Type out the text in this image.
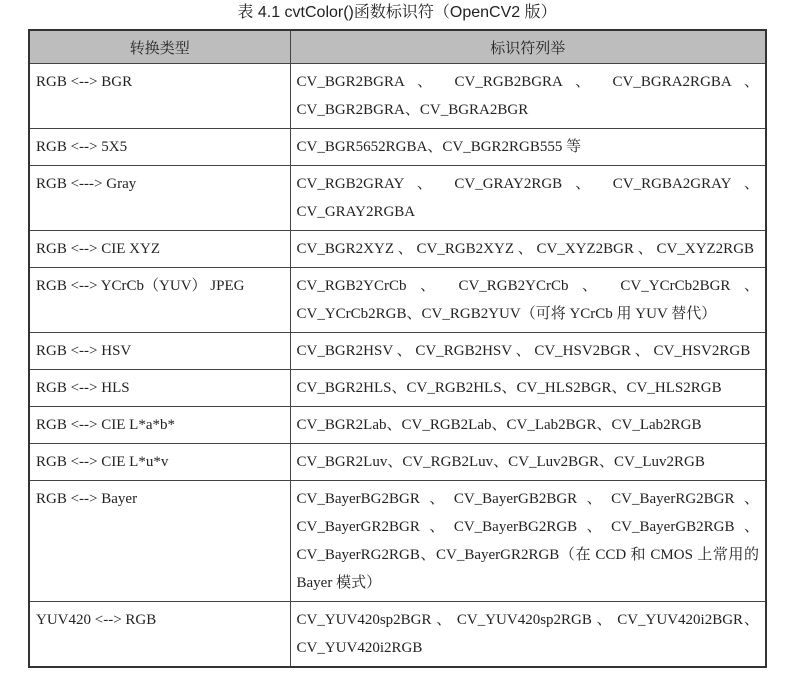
表 4.1 cvtColor()函数标识符（OpenCV2 版）
转换类型	标识符列举
RGB <--> BGR	CV_BGR2BGRA 、 CV_RGB2BGRA 、 CV_BGRA2RGBA 、 CV_BGR2BGRA、CV_BGRA2BGR
RGB <--> 5X5	CV_BGR5652RGBA、CV_BGR2RGB555 等
RGB <---> Gray	CV_RGB2GRAY 、 CV_GRAY2RGB 、 CV_RGBA2GRAY 、 CV_GRAY2RGBA
RGB <--> CIE XYZ	CV_BGR2XYZ 、 CV_RGB2XYZ 、 CV_XYZ2BGR 、 CV_XYZ2RGB
RGB <--> YCrCb（YUV） JPEG	CV_RGB2YCrCb 、 CV_RGB2YCrCb 、 CV_YCrCb2BGR 、 CV_YCrCb2RGB、CV_RGB2YUV（可将 YCrCb 用 YUV 替代）
RGB <--> HSV	CV_BGR2HSV 、 CV_RGB2HSV 、 CV_HSV2BGR 、 CV_HSV2RGB
RGB <--> HLS	CV_BGR2HLS、CV_RGB2HLS、CV_HLS2BGR、CV_HLS2RGB
RGB <--> CIE L*a*b*	CV_BGR2Lab、CV_RGB2Lab、CV_Lab2BGR、CV_Lab2RGB
RGB <--> CIE L*u*v	CV_BGR2Luv、CV_RGB2Luv、CV_Luv2BGR、CV_Luv2RGB
RGB <--> Bayer	CV_BayerBG2BGR、CV_BayerGB2BGR、CV_BayerRG2BGR、CV_BayerGR2BGR、CV_BayerBG2RGB、CV_BayerGB2RGB、CV_BayerRG2RGB、CV_BayerGR2RGB（在 CCD 和 CMOS 上常用的 Bayer 模式）
YUV420 <--> RGB	CV_YUV420sp2BGR 、 CV_YUV420sp2RGB 、 CV_YUV420i2BGR、CV_YUV420i2RGB
